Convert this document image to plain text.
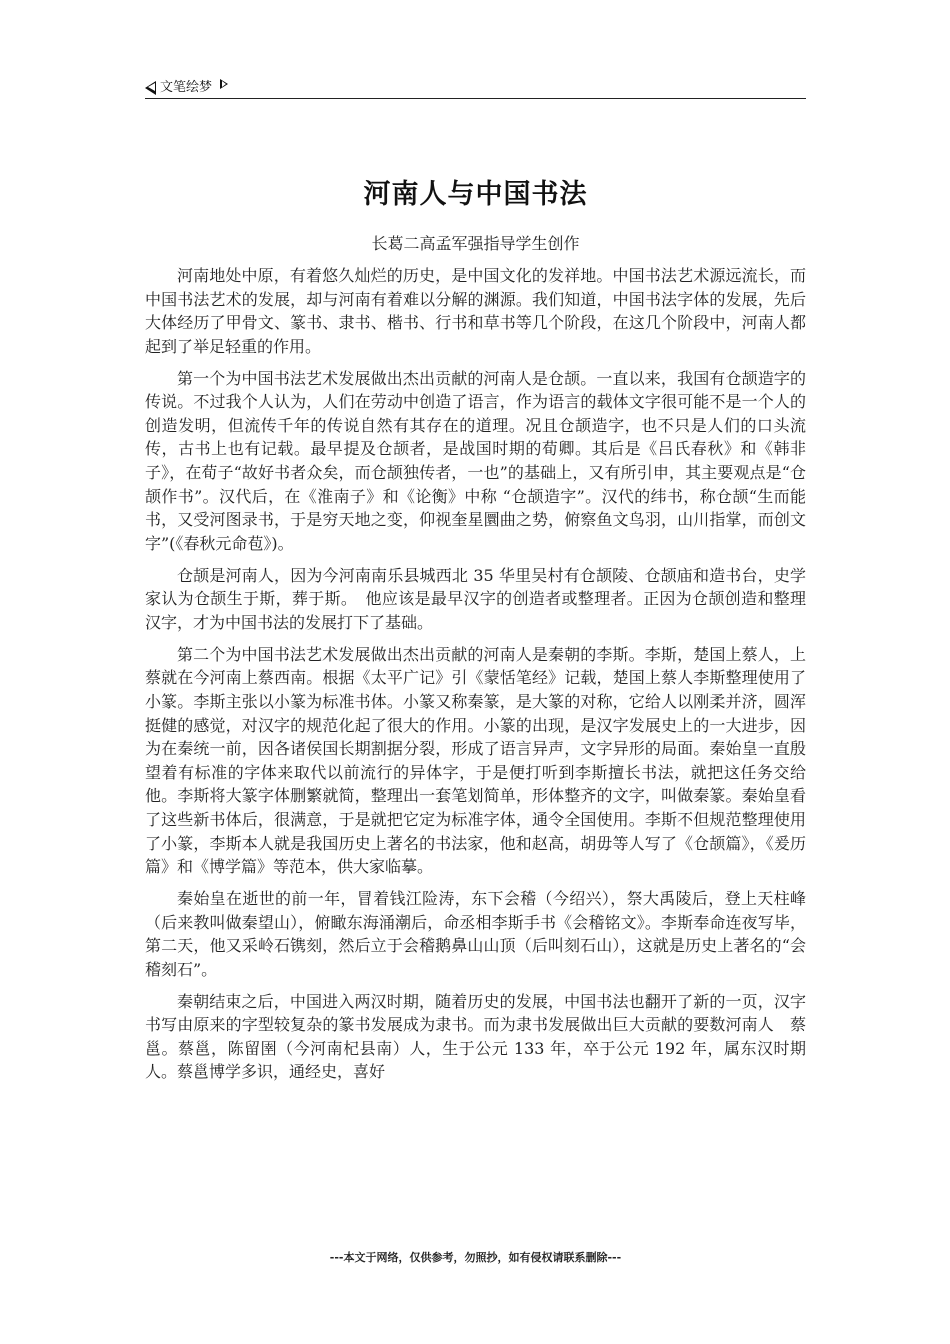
文笔绘梦
河南人与中国书法
长葛二高孟军强指导学生创作

河南地处中原，有着悠久灿烂的历史，是中国文化的发祥地。中国书法艺术源远流长，而中国书法艺术的发展，却与河南有着难以分解的渊源。我们知道，中国书法字体的发展，先后大体经历了甲骨文、篆书、隶书、楷书、行书和草书等几个阶段，在这几个阶段中，河南人都起到了举足轻重的作用。

第一个为中国书法艺术发展做出杰出贡献的河南人是仓颉。一直以来，我国有仓颉造字的传说。不过我个人认为，人们在劳动中创造了语言，作为语言的载体文字很可能不是一个人的创造发明，但流传千年的传说自然有其存在的道理。况且仓颉造字，也不只是人们的口头流传，古书上也有记载。最早提及仓颉者，是战国时期的荀卿。其后是《吕氏春秋》和《韩非子》，在荀子“故好书者众矣，而仓颉独传者，一也”的基础上，又有所引申，其主要观点是“仓颉作书”。汉代后，在《淮南子》和《论衡》中称 “仓颉造字”。汉代的纬书，称仓颉“生而能书，又受河图录书，于是穷天地之变，仰视奎星圜曲之势，俯察鱼文鸟羽，山川指掌，而创文字”(《春秋元命苞》)。

仓颉是河南人，因为今河南南乐县城西北 35 华里吴村有仓颉陵、仓颉庙和造书台，史学家认为仓颉生于斯，葬于斯。　他应该是最早汉字的创造者或整理者。正因为仓颉创造和整理汉字，才为中国书法的发展打下了基础。

第二个为中国书法艺术发展做出杰出贡献的河南人是秦朝的李斯。李斯，楚国上蔡人，上蔡就在今河南上蔡西南。根据《太平广记》引《蒙恬笔经》记载，楚国上蔡人李斯整理使用了小篆。李斯主张以小篆为标准书体。小篆又称秦篆，是大篆的对称，它给人以刚柔并济，圆浑挺健的感觉，对汉字的规范化起了很大的作用。小篆的出现，是汉字发展史上的一大进步，因为在秦统一前，因各诸侯国长期割据分裂，形成了语言异声，文字异形的局面。秦始皇一直殷望着有标准的字体来取代以前流行的异体字，于是便打听到李斯擅长书法，就把这任务交给他。李斯将大篆字体删繁就简，整理出一套笔划简单，形体整齐的文字，叫做秦篆。秦始皇看了这些新书体后，很满意，于是就把它定为标准字体，通令全国使用。李斯不但规范整理使用了小篆，李斯本人就是我国历史上著名的书法家，他和赵高，胡毋等人写了《仓颉篇》，《爰历篇》和《博学篇》等范本，供大家临摹。

秦始皇在逝世的前一年，冒着钱江险涛，东下会稽（今绍兴），祭大禹陵后，登上天柱峰（后来教叫做秦望山），俯瞰东海涌潮后，命丞相李斯手书《会稽铭文》。李斯奉命连夜写毕，第二天，他又采岭石镌刻，然后立于会稽鹅鼻山山顶（后叫刻石山），这就是历史上著名的“会稽刻石”。

秦朝结束之后，中国进入两汉时期，随着历史的发展，中国书法也翻开了新的一页，汉字书写由原来的字型较复杂的篆书发展成为隶书。而为隶书发展做出巨大贡献的要数河南人　蔡邕。蔡邕，陈留圉（今河南杞县南）人，生于公元 133 年，卒于公元 192 年，属东汉时期人。蔡邕博学多识，通经史，喜好

---本文于网络，仅供参考，勿照抄，如有侵权请联系删除---
